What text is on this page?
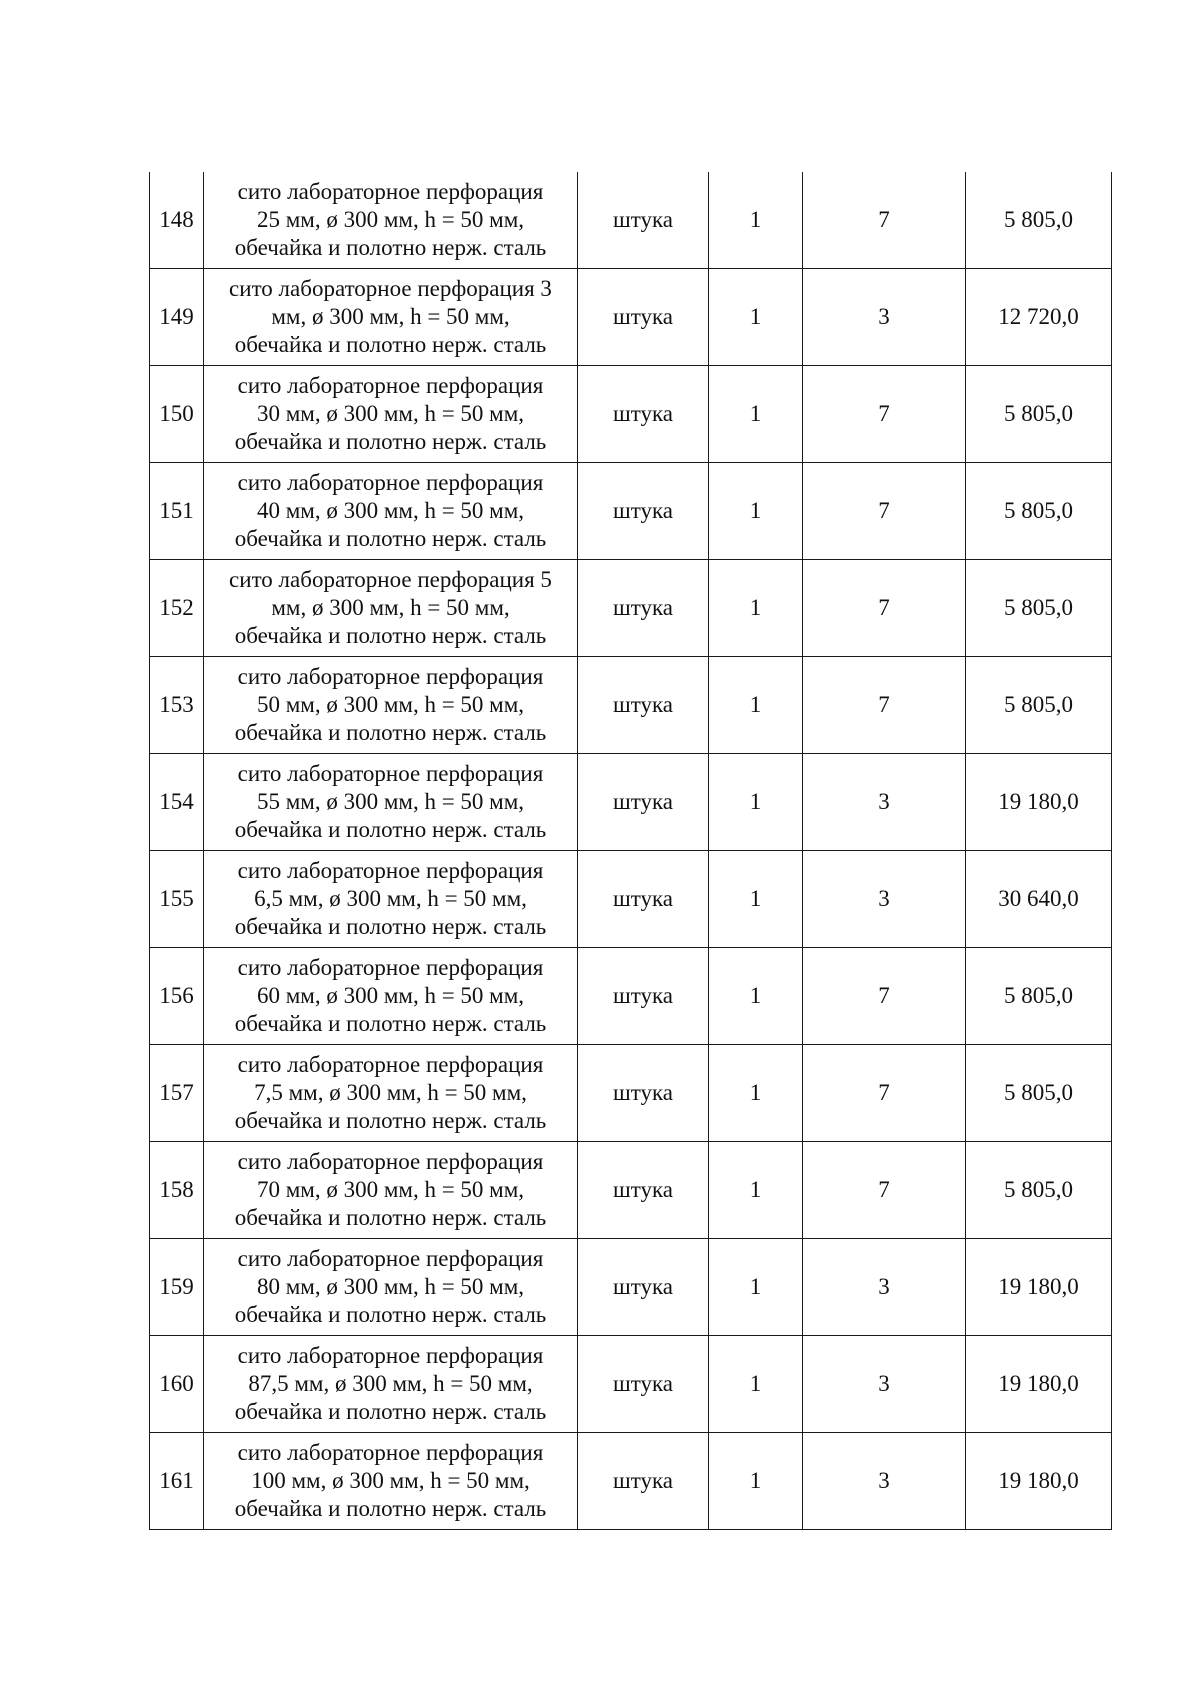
148	сито лабораторное перфорация
25 мм, ø 300 мм, h = 50 мм,
обечайка и полотно нерж. сталь	штука	1	7	5 805,0
149	сито лабораторное перфорация 3
мм, ø 300 мм, h = 50 мм,
обечайка и полотно нерж. сталь	штука	1	3	12 720,0
150	сито лабораторное перфорация
30 мм, ø 300 мм, h = 50 мм,
обечайка и полотно нерж. сталь	штука	1	7	5 805,0
151	сито лабораторное перфорация
40 мм, ø 300 мм, h = 50 мм,
обечайка и полотно нерж. сталь	штука	1	7	5 805,0
152	сито лабораторное перфорация 5
мм, ø 300 мм, h = 50 мм,
обечайка и полотно нерж. сталь	штука	1	7	5 805,0
153	сито лабораторное перфорация
50 мм, ø 300 мм, h = 50 мм,
обечайка и полотно нерж. сталь	штука	1	7	5 805,0
154	сито лабораторное перфорация
55 мм, ø 300 мм, h = 50 мм,
обечайка и полотно нерж. сталь	штука	1	3	19 180,0
155	сито лабораторное перфорация
6,5 мм, ø 300 мм, h = 50 мм,
обечайка и полотно нерж. сталь	штука	1	3	30 640,0
156	сито лабораторное перфорация
60 мм, ø 300 мм, h = 50 мм,
обечайка и полотно нерж. сталь	штука	1	7	5 805,0
157	сито лабораторное перфорация
7,5 мм, ø 300 мм, h = 50 мм,
обечайка и полотно нерж. сталь	штука	1	7	5 805,0
158	сито лабораторное перфорация
70 мм, ø 300 мм, h = 50 мм,
обечайка и полотно нерж. сталь	штука	1	7	5 805,0
159	сито лабораторное перфорация
80 мм, ø 300 мм, h = 50 мм,
обечайка и полотно нерж. сталь	штука	1	3	19 180,0
160	сито лабораторное перфорация
87,5 мм, ø 300 мм, h = 50 мм,
обечайка и полотно нерж. сталь	штука	1	3	19 180,0
161	сито лабораторное перфорация
100 мм, ø 300 мм, h = 50 мм,
обечайка и полотно нерж. сталь	штука	1	3	19 180,0
